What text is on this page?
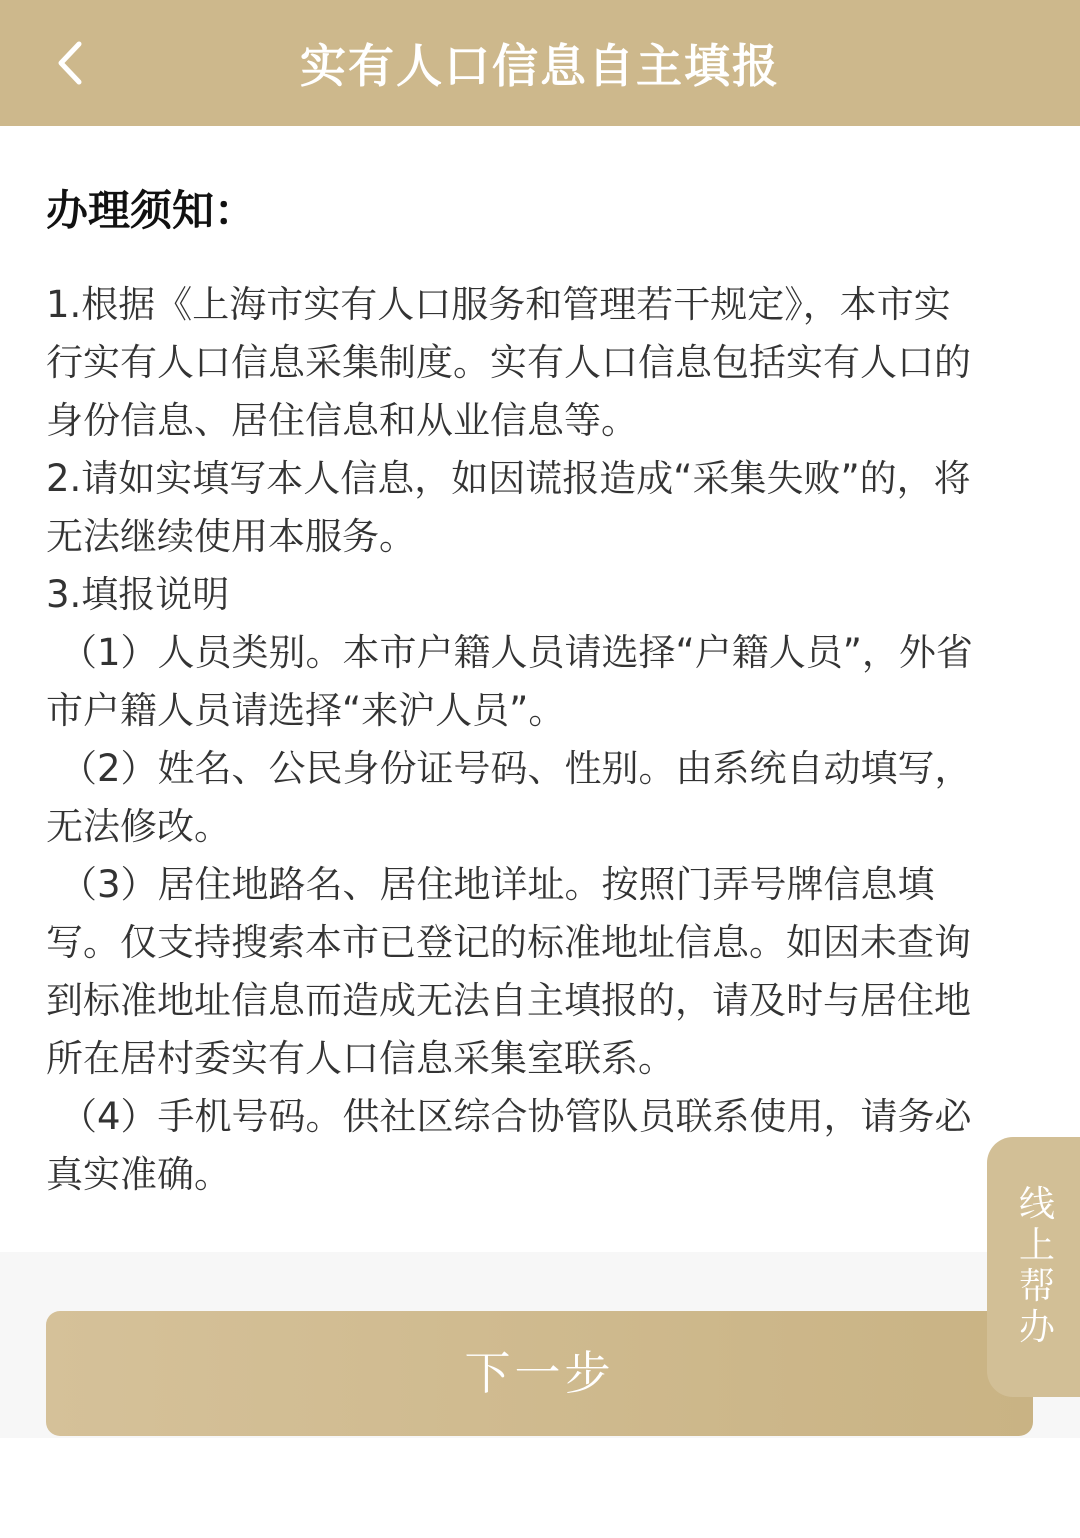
实有人口信息自主填报
办理须知：
1.根据《上海市实有人口服务和管理若干规定》，本市实
行实有人口信息采集制度。实有人口信息包括实有人口的
身份信息、居住信息和从业信息等。
2.请如实填写本人信息，如因谎报造成“采集失败”的，将
无法继续使用本服务。
3.填报说明
（1）人员类别。本市户籍人员请选择“户籍人员”，外省
市户籍人员请选择“来沪人员”。
（2）姓名、公民身份证号码、性别。由系统自动填写，
无法修改。
（3）居住地路名、居住地详址。按照门弄号牌信息填
写。仅支持搜索本市已登记的标准地址信息。如因未查询
到标准地址信息而造成无法自主填报的，请及时与居住地
所在居村委实有人口信息采集室联系。
（4）手机号码。供社区综合协管队员联系使用，请务必
真实准确。
下一步
线
上
帮
办
